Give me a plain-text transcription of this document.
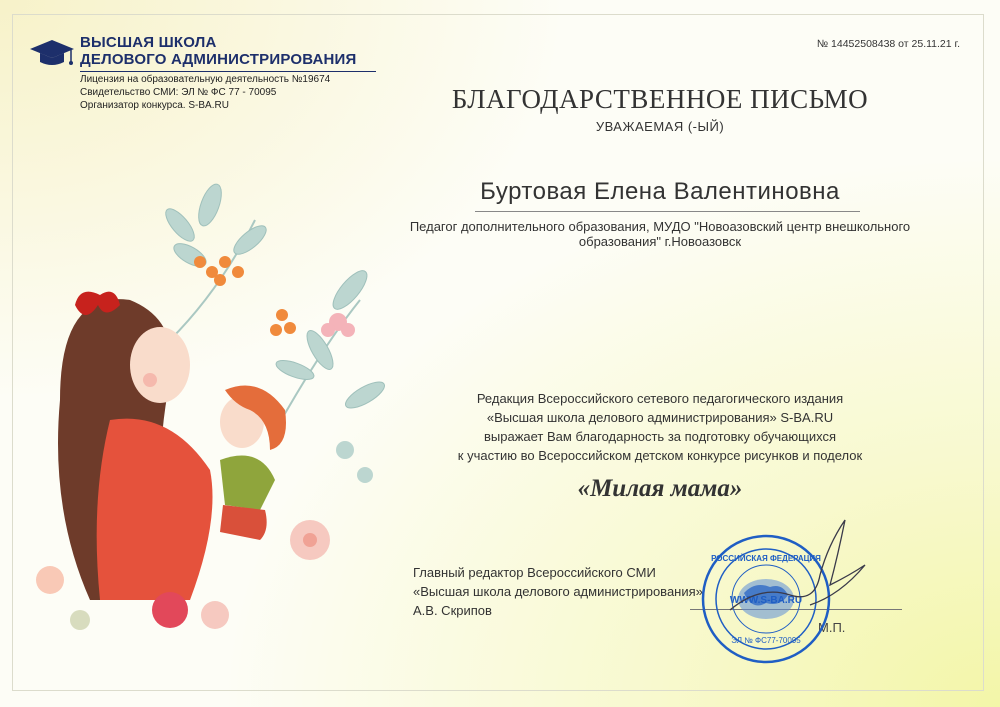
ВЫСШАЯ ШКОЛА
ДЕЛОВОГО АДМИНИСТРИРОВАНИЯ
Лицензия на образовательную деятельность №19674
Свидетельство СМИ: ЭЛ № ФС 77 - 70095
Организатор конкурса. S-BA.RU
№ 14452508438 от 25.11.21 г.
БЛАГОДАРСТВЕННОЕ ПИСЬМО
УВАЖАЕМАЯ (-ЫЙ)
Буртовая Елена Валентиновна
Педагог дополнительного образования, МУДО "Новоазовский центр внешкольного
образования" г.Новоазовск
Редакция Всероссийского сетевого педагогического издания
«Высшая школа делового администрирования» S-BA.RU
выражает Вам благодарность за подготовку обучающихся
к участию во Всероссийском детском конкурсе рисунков и поделок
«Милая мама»
Главный редактор Всероссийского СМИ
«Высшая школа делового администрирования»
А.В. Скрипов
М.П.
РОССИЙСКАЯ ФЕДЕРАЦИЯ
WWW.S-BA.RU
ЭЛ № ФС77-70095
